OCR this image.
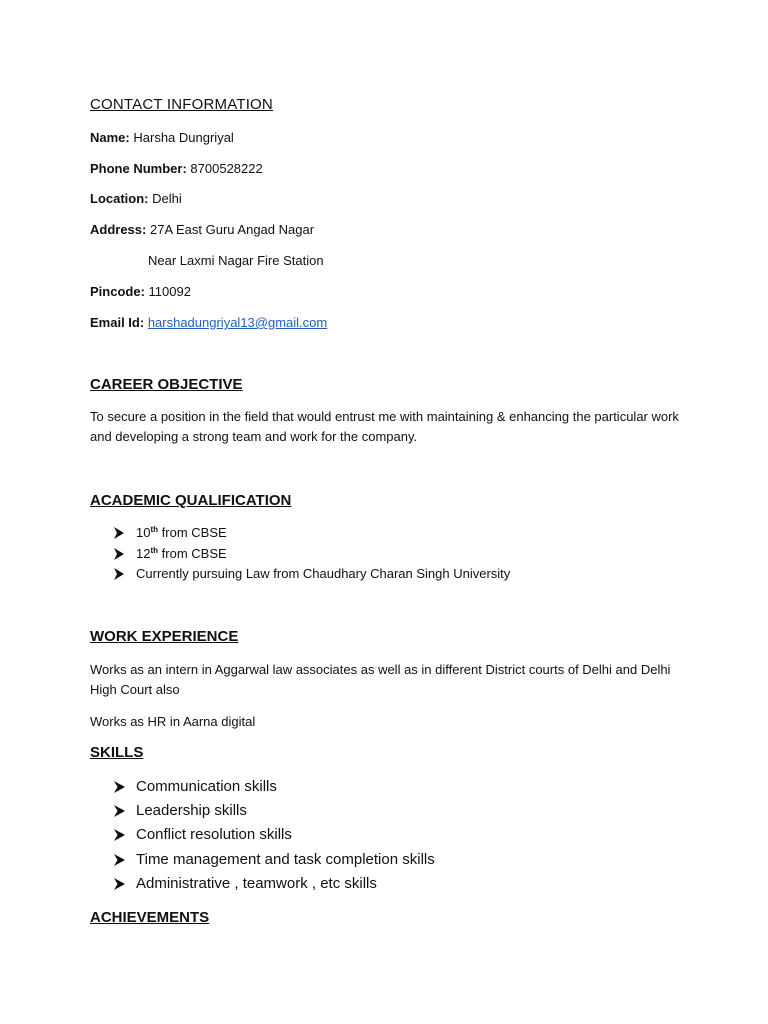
CONTACT INFORMATION
Name: Harsha Dungriyal
Phone Number: 8700528222
Location: Delhi
Address: 27A East Guru Angad Nagar
Near Laxmi Nagar Fire Station
Pincode: 110092
Email Id: harshadungriyal13@gmail.com
CAREER OBJECTIVE
To secure a position in the field that would entrust me with maintaining & enhancing the particular work and developing a strong team and work for the company.
ACADEMIC QUALIFICATION
10th from CBSE
12th from CBSE
Currently pursuing Law from Chaudhary Charan Singh University
WORK EXPERIENCE
Works as an intern in Aggarwal law associates as well as in different District courts of Delhi and Delhi High Court also
Works as HR in Aarna digital
SKILLS
Communication skills
Leadership skills
Conflict resolution skills
Time management and task completion skills
Administrative , teamwork , etc skills
ACHIEVEMENTS
